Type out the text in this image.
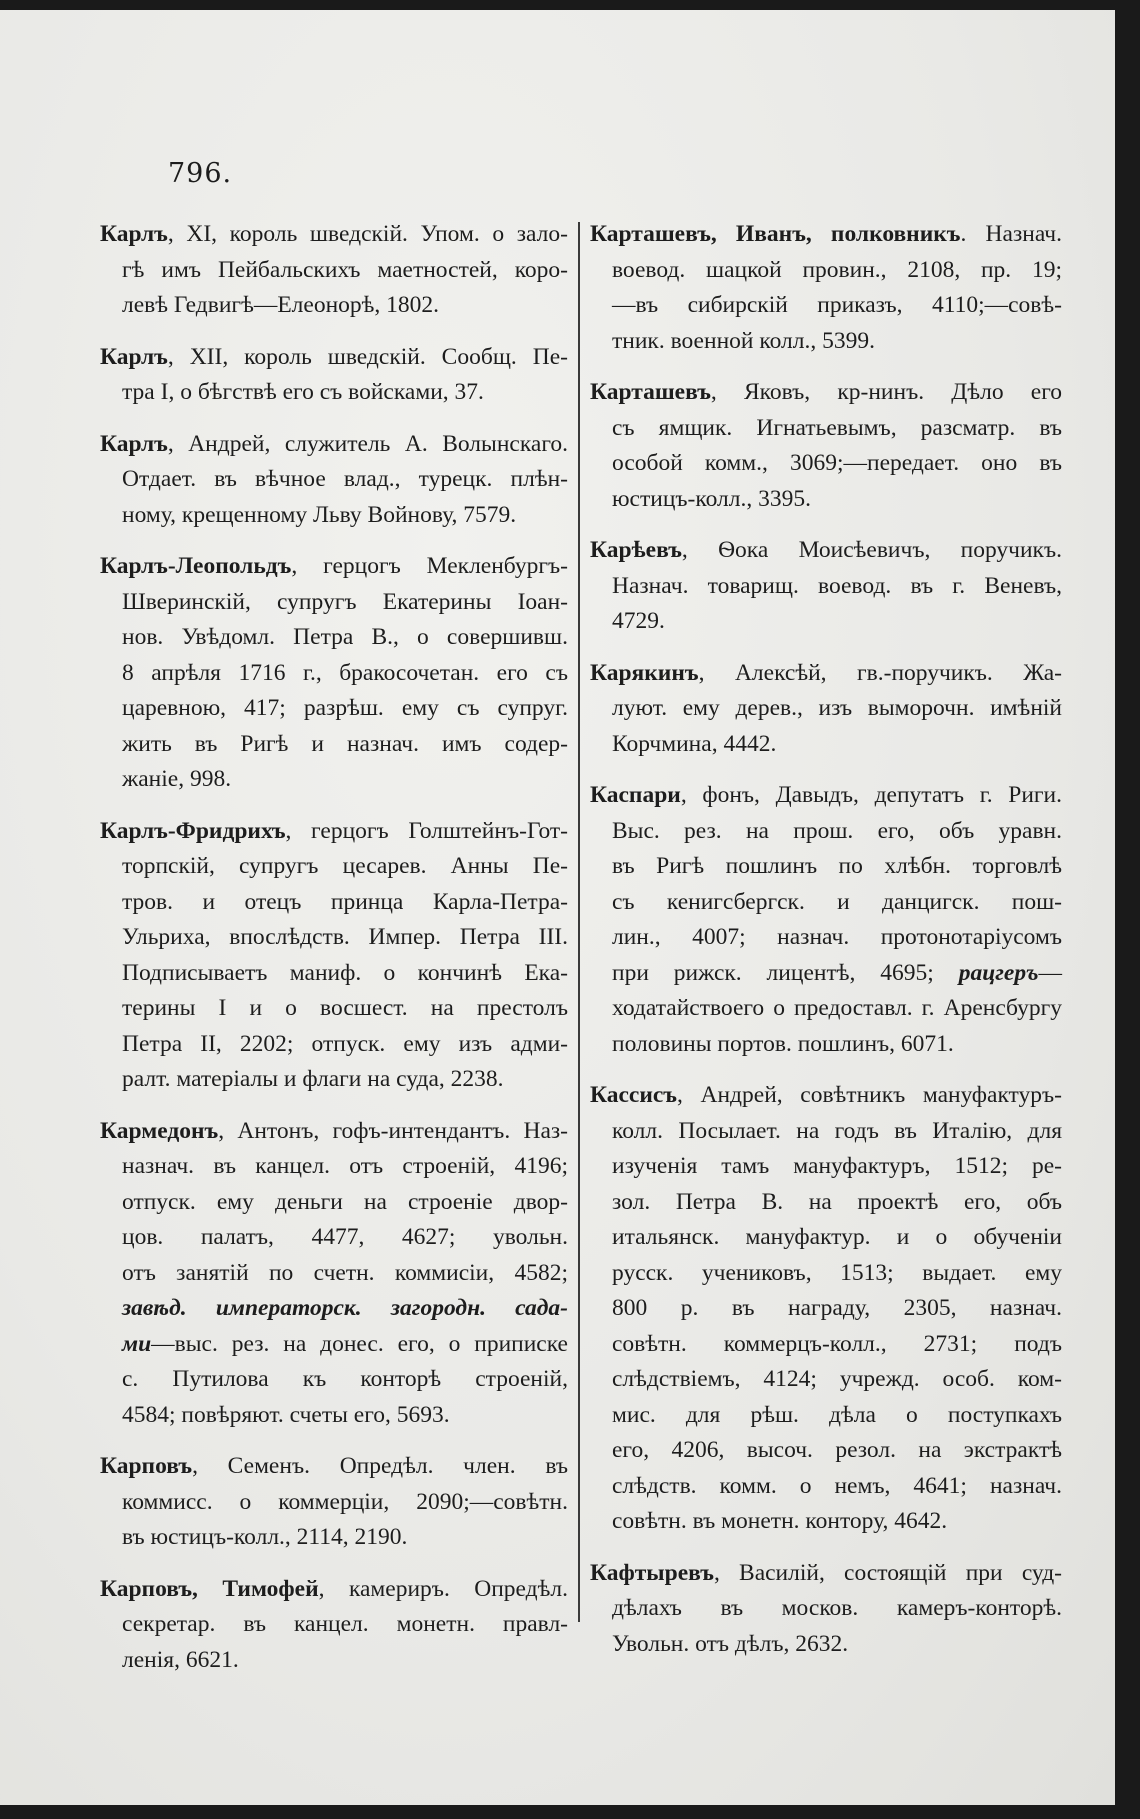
796.
Карлъ, XI, король шведскій. Упом. о зало-
гѣ имъ Пейбальскихъ маетностей, коро-
левѣ Гедвигѣ—Елеонорѣ, 1802.
Карлъ, XII, король шведскій. Сообщ. Пе-
тра І, о бѣгствѣ его съ войсками, 37.
Карлъ, Андрей, служитель А. Волынскаго.
Отдает. въ вѣчное влад., турецк. плѣн-
ному, крещенному Льву Войнову, 7579.
Карлъ-Леопольдъ, герцогъ Мекленбургъ-
Шверинскій, супругъ Екатерины Іоан-
нов. Увѣдомл. Петра В., о совершивш.
8 апрѣля 1716 г., бракосочетан. его съ
царевною, 417; разрѣш. ему съ супруг.
жить въ Ригѣ и назнач. имъ содер-
жаніе, 998.
Карлъ-Фридрихъ, герцогъ Голштейнъ-Гот-
торпскій, супругъ цесарев. Анны Пе-
тров. и отецъ принца Карла-Петра-
Ульриха, впослѣдств. Импер. Петра III.
Подписываетъ маниф. о кончинѣ Ека-
терины І и о восшест. на престолъ
Петра II, 2202; отпуск. ему изъ адми-
ралт. матеріалы и флаги на суда, 2238.
Кармедонъ, Антонъ, гофъ-интендантъ. Наз-
назнач. въ канцел. отъ строеній, 4196;
отпуск. ему деньги на строеніе двор-
цов. палатъ, 4477, 4627; увольн.
отъ занятій по счетн. коммисіи, 4582;
завѣд. императорск. загородн. сада-
ми—выс. рез. на донес. его, о приписке
с. Путилова къ конторѣ строеній,
4584; повѣряют. счеты его, 5693.
Карповъ, Семенъ. Опредѣл. член. въ
коммисс. о коммерціи, 2090;—совѣтн.
въ юстицъ-колл., 2114, 2190.
Карповъ, Тимофей, камериръ. Опредѣл.
секретар. въ канцел. монетн. правл-
ленія, 6621.
Карташевъ, Иванъ, полковникъ. Назнач.
воевод. шацкой провин., 2108, пр. 19;
—въ сибирскій приказъ, 4110;—совѣ-
тник. военной колл., 5399.
Карташевъ, Яковъ, кр-нинъ. Дѣло его
съ ямщик. Игнатьевымъ, разсматр. въ
особой комм., 3069;—передает. оно въ
юстицъ-колл., 3395.
Карѣевъ, Ѳока Моисѣевичъ, поручикъ.
Назнач. товарищ. воевод. въ г. Веневъ,
4729.
Карякинъ, Алексѣй, гв.-поручикъ. Жа-
луют. ему дерев., изъ выморочн. имѣній
Корчмина, 4442.
Каспари, фонъ, Давыдъ, депутатъ г. Риги.
Выс. рез. на прош. его, объ уравн.
въ Ригѣ пошлинъ по хлѣбн. торговлѣ
съ кенигсбергск. и данцигск. пош-
лин., 4007; назнач. протонотаріусомъ
при рижск. лицентѣ, 4695; рацгеръ—
ходатайствоего о предоставл. г. Аренсбургу
половины портов. пошлинъ, 6071.
Кассисъ, Андрей, совѣтникъ мануфактуръ-
колл. Посылает. на годъ въ Италію, для
изученія тамъ мануфактуръ, 1512; ре-
зол. Петра В. на проектѣ его, объ
итальянск. мануфактур. и о обученіи
русск. учениковъ, 1513; выдает. ему
800 р. въ награду, 2305, назнач.
совѣтн. коммерцъ-колл., 2731; подъ
слѣдствіемъ, 4124; учрежд. особ. ком-
мис. для рѣш. дѣла о поступкахъ
его, 4206, высоч. резол. на экстрактѣ
слѣдств. комм. о немъ, 4641; назнач.
совѣтн. въ монетн. контору, 4642.
Кафтыревъ, Василій, состоящій при суд-
дѣлахъ въ москов. камеръ-конторѣ.
Увольн. отъ дѣлъ, 2632.
